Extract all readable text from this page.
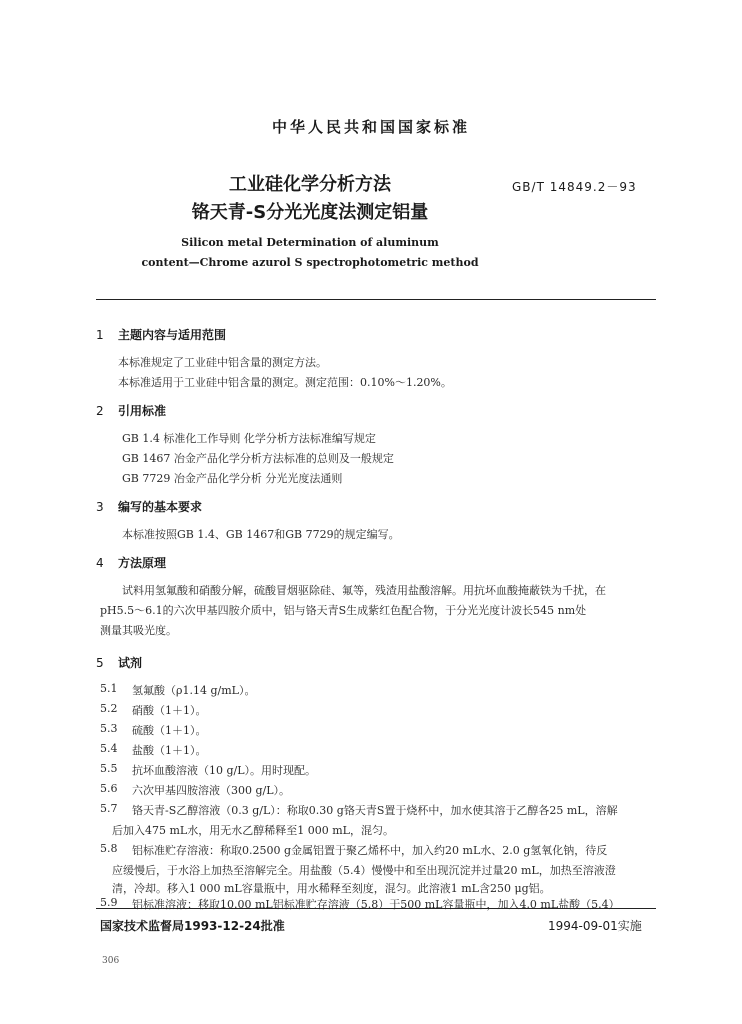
中华人民共和国国家标准
工业硅化学分析方法
铬天青-S分光光度法测定铝量
GB/T 14849.2－93
Silicon metal Determination of aluminum
content—Chrome azurol S spectrophotometric method
1 主题内容与适用范围
本标准规定了工业硅中铝含量的测定方法。
本标准适用于工业硅中铝含量的测定。测定范围：0.10%～1.20%。
2 引用标准
GB 1.4 标准化工作导则 化学分析方法标准编写规定
GB 1467 冶金产品化学分析方法标准的总则及一般规定
GB 7729 冶金产品化学分析 分光光度法通则
3 编写的基本要求
本标准按照GB 1.4、GB 1467和GB 7729的规定编写。
4 方法原理
试料用氢氟酸和硝酸分解，硫酸冒烟驱除硅、氟等，残渣用盐酸溶解。用抗坏血酸掩蔽铁为千扰，在
pH5.5～6.1的六次甲基四胺介质中，铝与铬天青S生成紫红色配合物，于分光光度计波长545 nm处
测量其吸光度。
5 试剂
5.1 氢氟酸（ρ1.14 g/mL）。
5.2 硝酸（1＋1）。
5.3 硫酸（1＋1）。
5.4 盐酸（1＋1）。
5.5 抗坏血酸溶液（10 g/L）。用时现配。
5.6 六次甲基四胺溶液（300 g/L）。
5.7 铬天青-S乙醇溶液（0.3 g/L）：称取0.30 g铬天青S置于烧杯中，加水使其溶于乙醇各25 mL，溶解
后加入475 mL水，用无水乙醇稀释至1 000 mL，混匀。
5.8 铝标准贮存溶液：称取0.2500 g金属铝置于聚乙烯杯中，加入约20 mL水、2.0 g氢氧化钠，待反
应缓慢后，于水浴上加热至溶解完全。用盐酸（5.4）慢慢中和至出现沉淀并过量20 mL，加热至溶液澄
清，冷却。移入1 000 mL容量瓶中，用水稀释至刻度，混匀。此溶液1 mL含250 μg铝。
5.9 铝标准溶液：移取10.00 mL铝标准贮存溶液（5.8）于500 mL容量瓶中，加入4.0 mL盐酸（5.4）
国家技术监督局1993-12-24批准	1994-09-01实施
306
